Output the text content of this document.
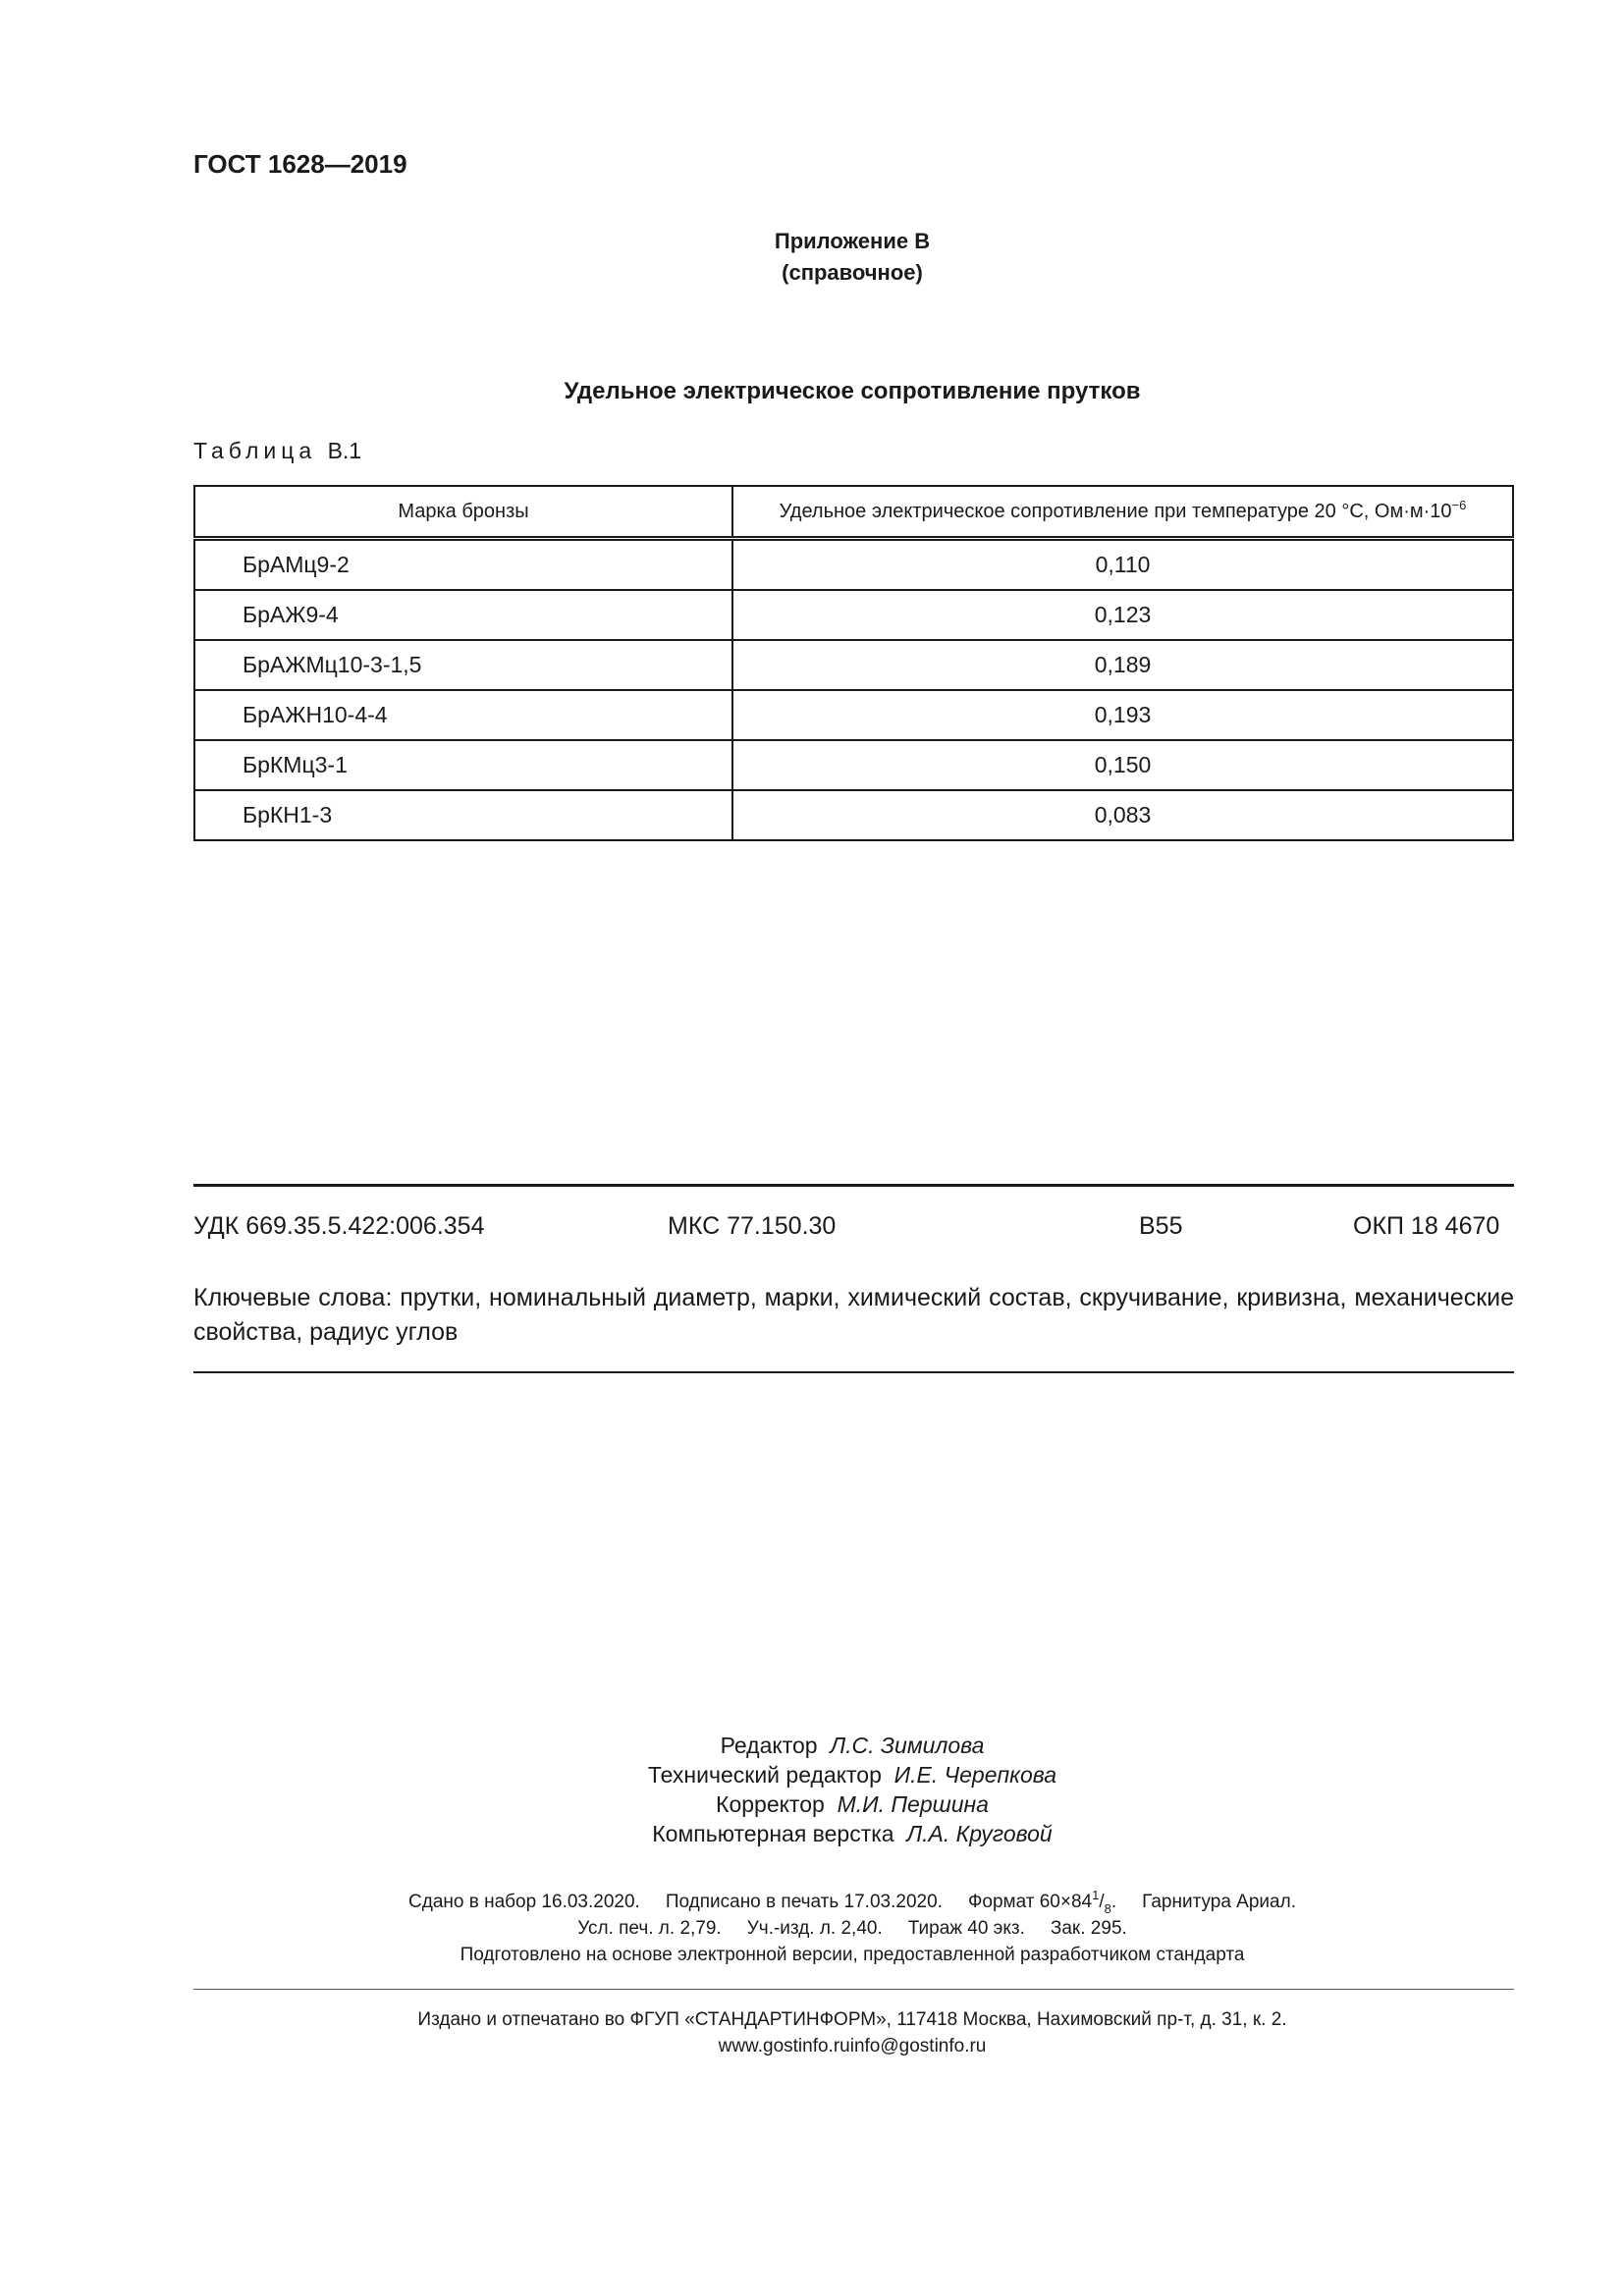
ГОСТ 1628—2019
Приложение В
(справочное)
Удельное электрическое сопротивление прутков
Таблица В.1
Марка бронзы	Удельное электрическое сопротивление при температуре 20 °С, $Ом\cdot м\cdot 10^{-6}$
БрАМц9-2	0,110
БрАЖ9-4	0,123
БрАЖМц10-3-1,5	0,189
БрАЖН10-4-4	0,193
БрКМц3-1	0,150
БрКН1-3	0,083
УДК 669.35.5.422:006.354	МКС 77.150.30	В55	ОКП 18 4670
Ключевые слова: прутки, номинальный диаметр, марки, химический состав, скручивание, кривизна, механические свойства, радиус углов
Редактор Л.С. Зимилова
Технический редактор И.Е. Черепкова
Корректор М.И. Першина
Компьютерная верстка Л.А. Круговой
Сдано в набор 16.03.2020. Подписано в печать 17.03.2020. Формат $60\times 84^1/_8$. Гарнитура Ариал.
Усл. печ. л. 2,79. Уч.-изд. л. 2,40. Тираж 40 экз. Зак. 295.
Подготовлено на основе электронной версии, предоставленной разработчиком стандарта
Издано и отпечатано во ФГУП «СТАНДАРТИНФОРМ», 117418 Москва, Нахимовский пр-т, д. 31, к. 2.
www.gostinfo.ruinfo@gostinfo.ru
